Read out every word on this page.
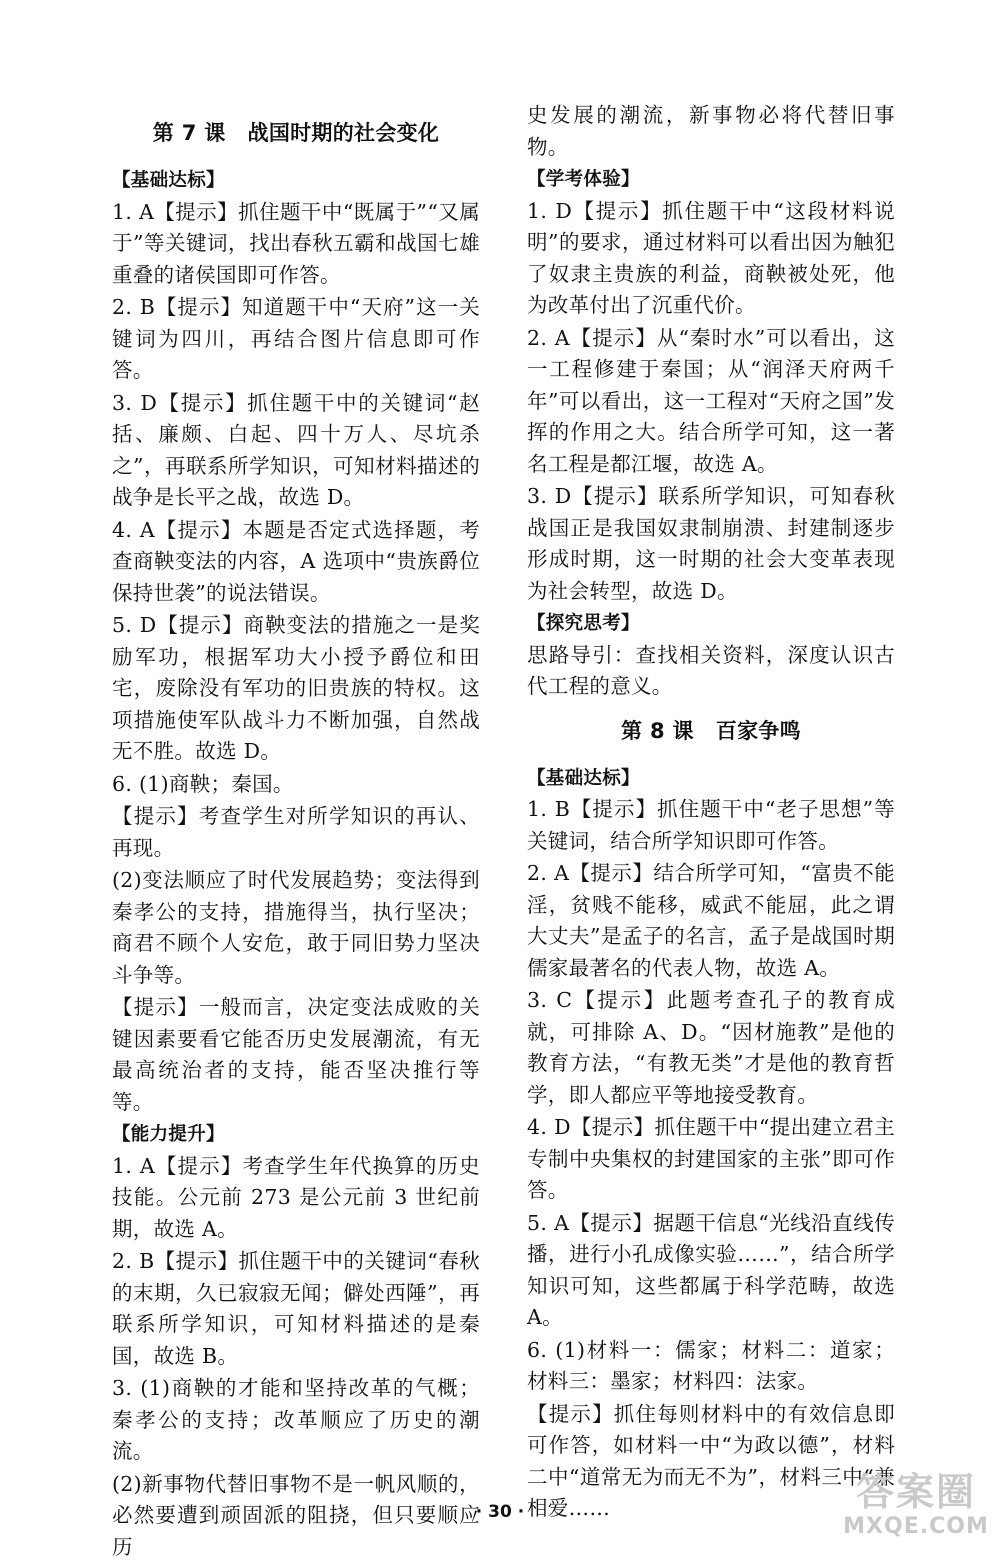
第 7 课 战国时期的社会变化
【基础达标】
1. A【提示】抓住题干中“既属于”“又属于”等关键词，找出春秋五霸和战国七雄重叠的诸侯国即可作答。
2. B【提示】知道题干中“天府”这一关键词为四川，再结合图片信息即可作答。
3. D【提示】抓住题干中的关键词“赵括、廉颇、白起、四十万人、尽坑杀之”，再联系所学知识，可知材料描述的战争是长平之战，故选 D。
4. A【提示】本题是否定式选择题，考查商鞅变法的内容，A 选项中“贵族爵位保持世袭”的说法错误。
5. D【提示】商鞅变法的措施之一是奖励军功，根据军功大小授予爵位和田宅，废除没有军功的旧贵族的特权。这项措施使军队战斗力不断加强，自然战无不胜。故选 D。
6. (1)商鞅；秦国。
【提示】考查学生对所学知识的再认、再现。
(2)变法顺应了时代发展趋势；变法得到秦孝公的支持，措施得当，执行坚决；商君不顾个人安危，敢于同旧势力坚决斗争等。
【提示】一般而言，决定变法成败的关键因素要看它能否历史发展潮流，有无最高统治者的支持，能否坚决推行等等。
【能力提升】
1. A【提示】考查学生年代换算的历史技能。公元前 273 是公元前 3 世纪前期，故选 A。
2. B【提示】抓住题干中的关键词“春秋的末期，久已寂寂无闻；僻处西陲”，再联系所学知识，可知材料描述的是秦国，故选 B。
3. (1)商鞅的才能和坚持改革的气概；秦孝公的支持；改革顺应了历史的潮流。
(2)新事物代替旧事物不是一帆风顺的，必然要遭到顽固派的阻挠，但只要顺应历
史发展的潮流，新事物必将代替旧事物。
【学考体验】
1. D【提示】抓住题干中“这段材料说明”的要求，通过材料可以看出因为触犯了奴隶主贵族的利益，商鞅被处死，他为改革付出了沉重代价。
2. A【提示】从“秦时水”可以看出，这一工程修建于秦国；从“润泽天府两千年”可以看出，这一工程对“天府之国”发挥的作用之大。结合所学可知，这一著名工程是都江堰，故选 A。
3. D【提示】联系所学知识，可知春秋战国正是我国奴隶制崩溃、封建制逐步形成时期，这一时期的社会大变革表现为社会转型，故选 D。
【探究思考】
思路导引：查找相关资料，深度认识古代工程的意义。
第 8 课 百家争鸣
【基础达标】
1. B【提示】抓住题干中“老子思想”等关键词，结合所学知识即可作答。
2. A【提示】结合所学可知，“富贵不能淫，贫贱不能移，威武不能屈，此之谓大丈夫”是孟子的名言，孟子是战国时期儒家最著名的代表人物，故选 A。
3. C【提示】此题考查孔子的教育成就，可排除 A、D。“因材施教”是他的教育方法，“有教无类”才是他的教育哲学，即人都应平等地接受教育。
4. D【提示】抓住题干中“提出建立君主专制中央集权的封建国家的主张”即可作答。
5. A【提示】据题干信息“光线沿直线传播，进行小孔成像实验……”，结合所学知识可知，这些都属于科学范畴，故选 A。
6. (1)材料一：儒家；材料二：道家；材料三：墨家；材料四：法家。
【提示】抓住每则材料中的有效信息即可作答，如材料一中“为政以德”，材料二中“道常无为而无不为”，材料三中“兼相爱……
· 30 ·	答案圈
MXQE.COM
